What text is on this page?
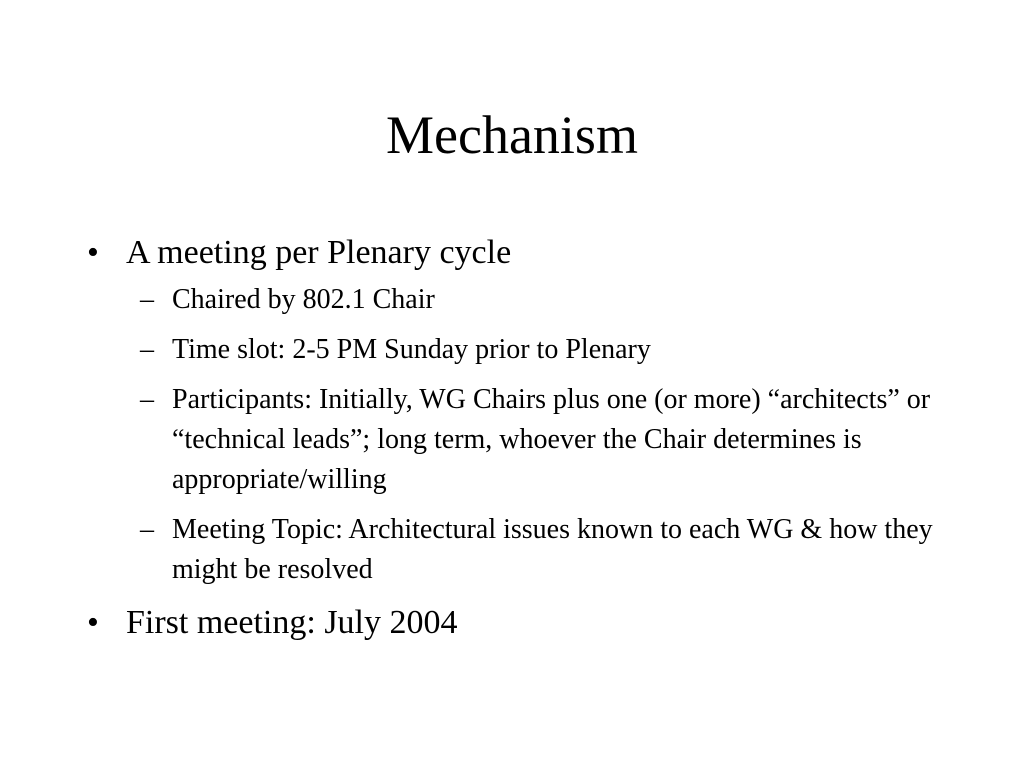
Mechanism
• A meeting per Plenary cycle
– Chaired by 802.1 Chair
– Time slot: 2-5 PM Sunday prior to Plenary
– Participants: Initially, WG Chairs plus one (or more) “architects” or “technical leads”; long term, whoever the Chair determines is appropriate/willing
– Meeting Topic: Architectural issues known to each WG & how they might be resolved
• First meeting: July 2004
